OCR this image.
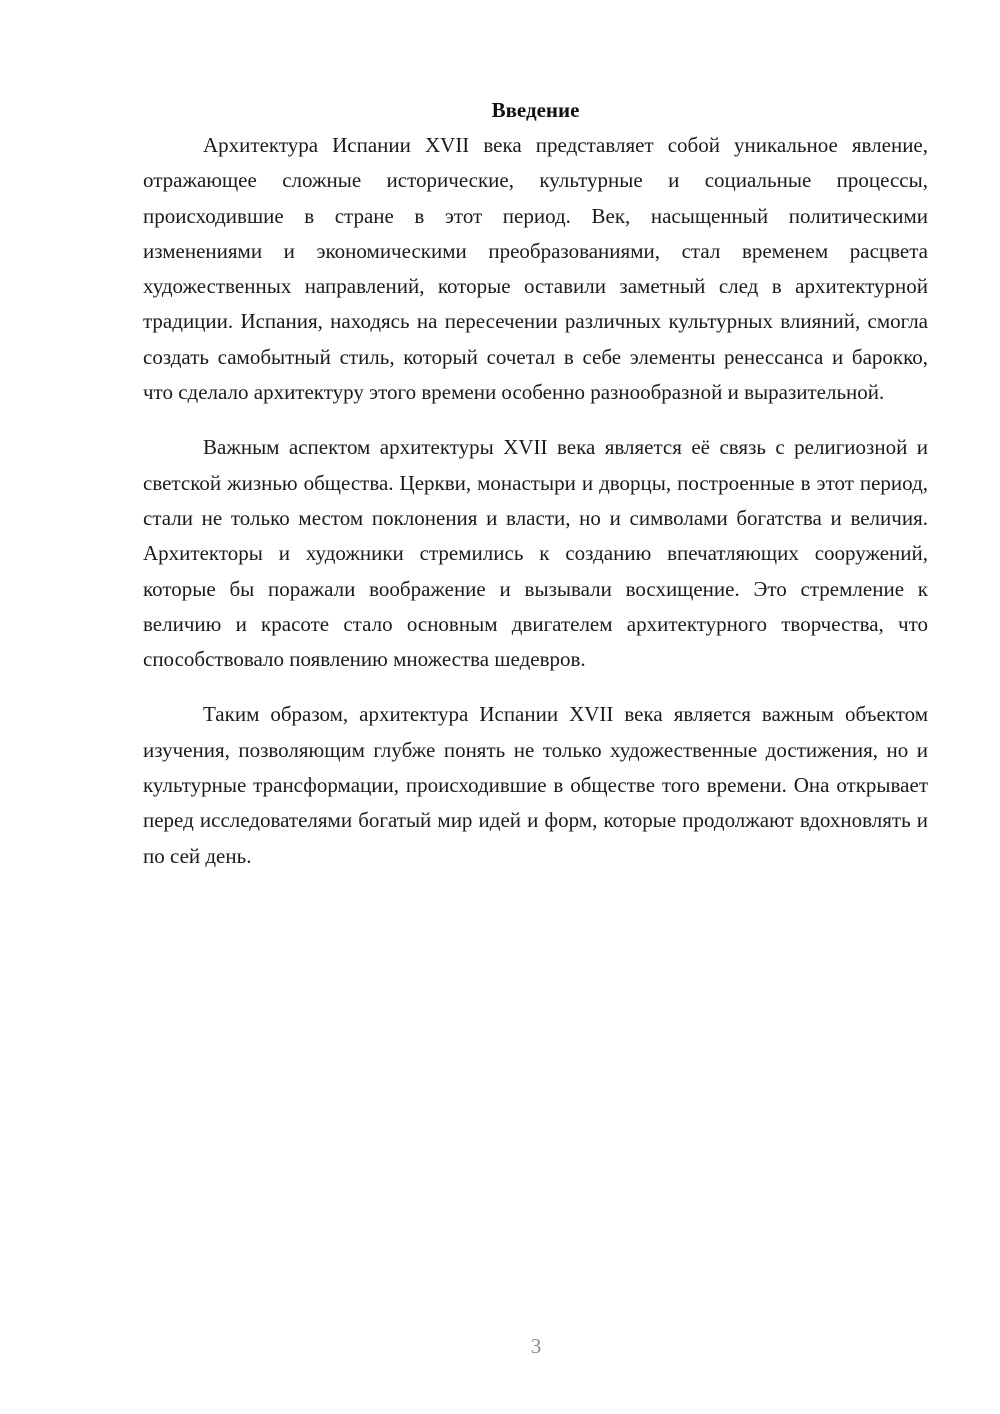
Введение

Архитектура Испании XVII века представляет собой уникальное явление, отражающее сложные исторические, культурные и социальные процессы, происходившие в стране в этот период. Век, насыщенный политическими изменениями и экономическими преобразованиями, стал временем расцвета художественных направлений, которые оставили заметный след в архитектурной традиции. Испания, находясь на пересечении различных культурных влияний, смогла создать самобытный стиль, который сочетал в себе элементы ренессанса и барокко, что сделало архитектуру этого времени особенно разнообразной и выразительной.

Важным аспектом архитектуры XVII века является её связь с религиозной и светской жизнью общества. Церкви, монастыри и дворцы, построенные в этот период, стали не только местом поклонения и власти, но и символами богатства и величия. Архитекторы и художники стремились к созданию впечатляющих сооружений, которые бы поражали воображение и вызывали восхищение. Это стремление к величию и красоте стало основным двигателем архитектурного творчества, что способствовало появлению множества шедевров.

Таким образом, архитектура Испании XVII века является важным объектом изучения, позволяющим глубже понять не только художественные достижения, но и культурные трансформации, происходившие в обществе того времени. Она открывает перед исследователями богатый мир идей и форм, которые продолжают вдохновлять и по сей день.

3
